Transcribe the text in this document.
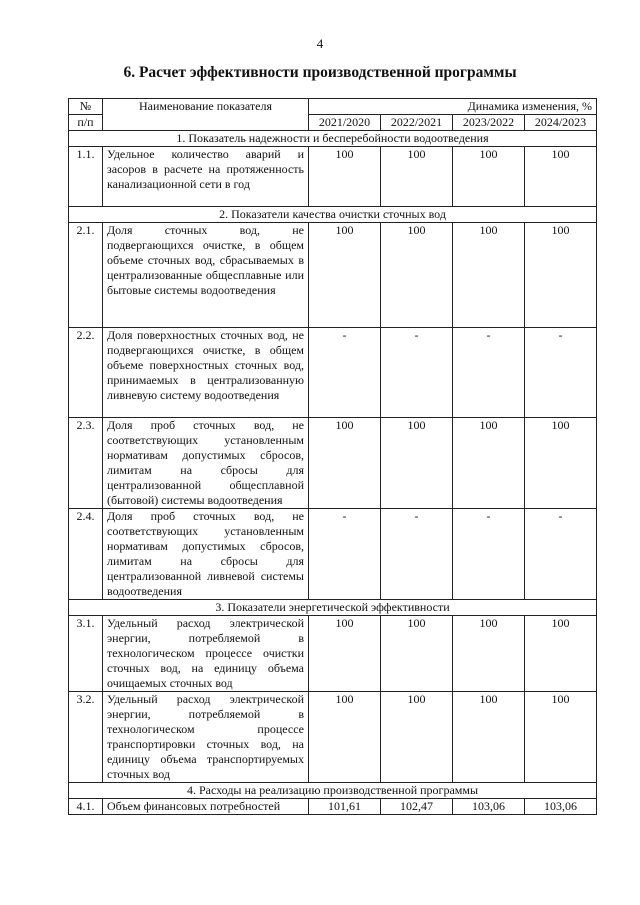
4
6. Расчет эффективности производственной программы
№	Наименование показателя	Динамика изменения, %			
п/п		2021/2020	2022/2021	2023/2022	2024/2023
1. Показатель надежности и бесперебойности водоотведения					
1.1.	Удельное количество аварий и засоров в расчете на протяженность канализационной сети в год	100	100	100	100
2. Показатели качества очистки сточных вод					
2.1.	Доля сточных вод, не подвергающихся очистке, в общем объеме сточных вод, сбрасываемых в централизованные общесплавные или бытовые системы водоотведения	100	100	100	100
2.2.	Доля поверхностных сточных вод, не подвергающихся очистке, в общем объеме поверхностных сточных вод, принимаемых в централизованную ливневую систему водоотведения	-	-	-	-
2.3.	Доля проб сточных вод, не соответствующих установленным нормативам допустимых сбросов, лимитам на сбросы для централизованной общесплавной (бытовой) системы водоотведения	100	100	100	100
2.4.	Доля проб сточных вод, не соответствующих установленным нормативам допустимых сбросов, лимитам на сбросы для централизованной ливневой системы водоотведения	-	-	-	-
3. Показатели энергетической эффективности					
3.1.	Удельный расход электрической энергии, потребляемой в технологическом процессе очистки сточных вод, на единицу объема очищаемых сточных вод	100	100	100	100
3.2.	Удельный расход электрической энергии, потребляемой в технологическом процессе транспортировки сточных вод, на единицу объема транспортируемых сточных вод	100	100	100	100
4. Расходы на реализацию производственной программы					
4.1.	Объем финансовых потребностей	101,61	102,47	103,06	103,06
